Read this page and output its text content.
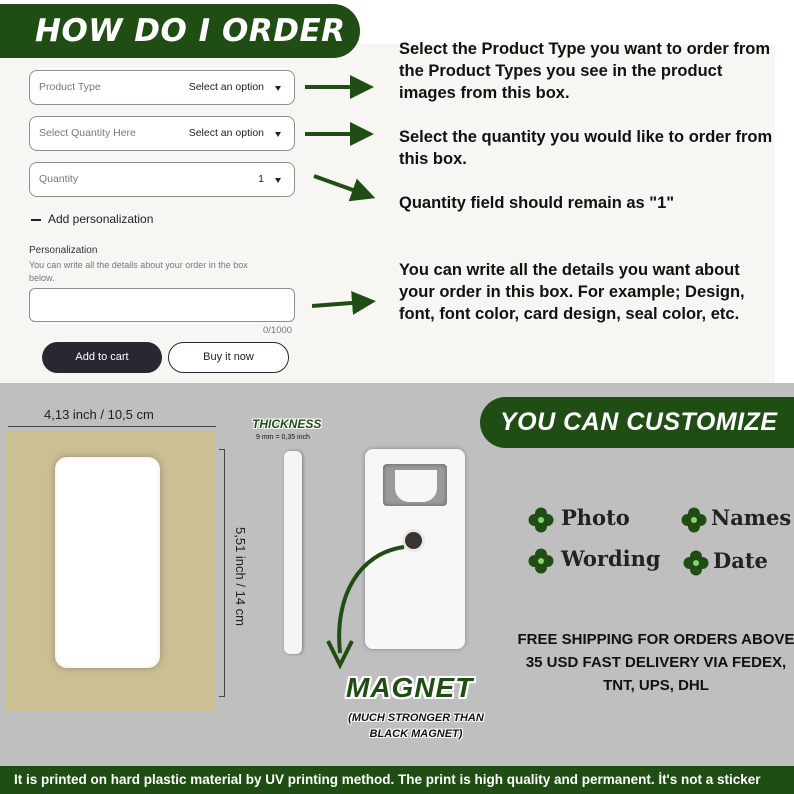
HOW DO I ORDER
Product Type	Select an option
Select Quantity Here	Select an option
Quantity	1
Add personalization
Personalization
You can write all the details about your order in the box below.
0/1000
Add to cart	Buy it now
Select the Product Type you want to order from the Product Types you see in the product images from this box.
Select the quantity you would like to order from this box.
Quantity field should remain as "1"
You can write all the details you want about your order in this box. For example; Design, font, font color, card design, seal color, etc.
4,13 inch / 10,5 cm
5,51 inch / 14 cm
THICKNESS
9 mm = 0,35 inch
MAGNET
(MUCH STRONGER THAN BLACK MAGNET)
YOU CAN CUSTOMIZE
Photo	Names
Wording Date
FREE SHIPPING FOR ORDERS ABOVE 35 USD FAST DELIVERY VIA FEDEX, TNT, UPS, DHL
It is printed on hard plastic material by UV printing method. The print is high quality and permanent. İt's not a sticker
